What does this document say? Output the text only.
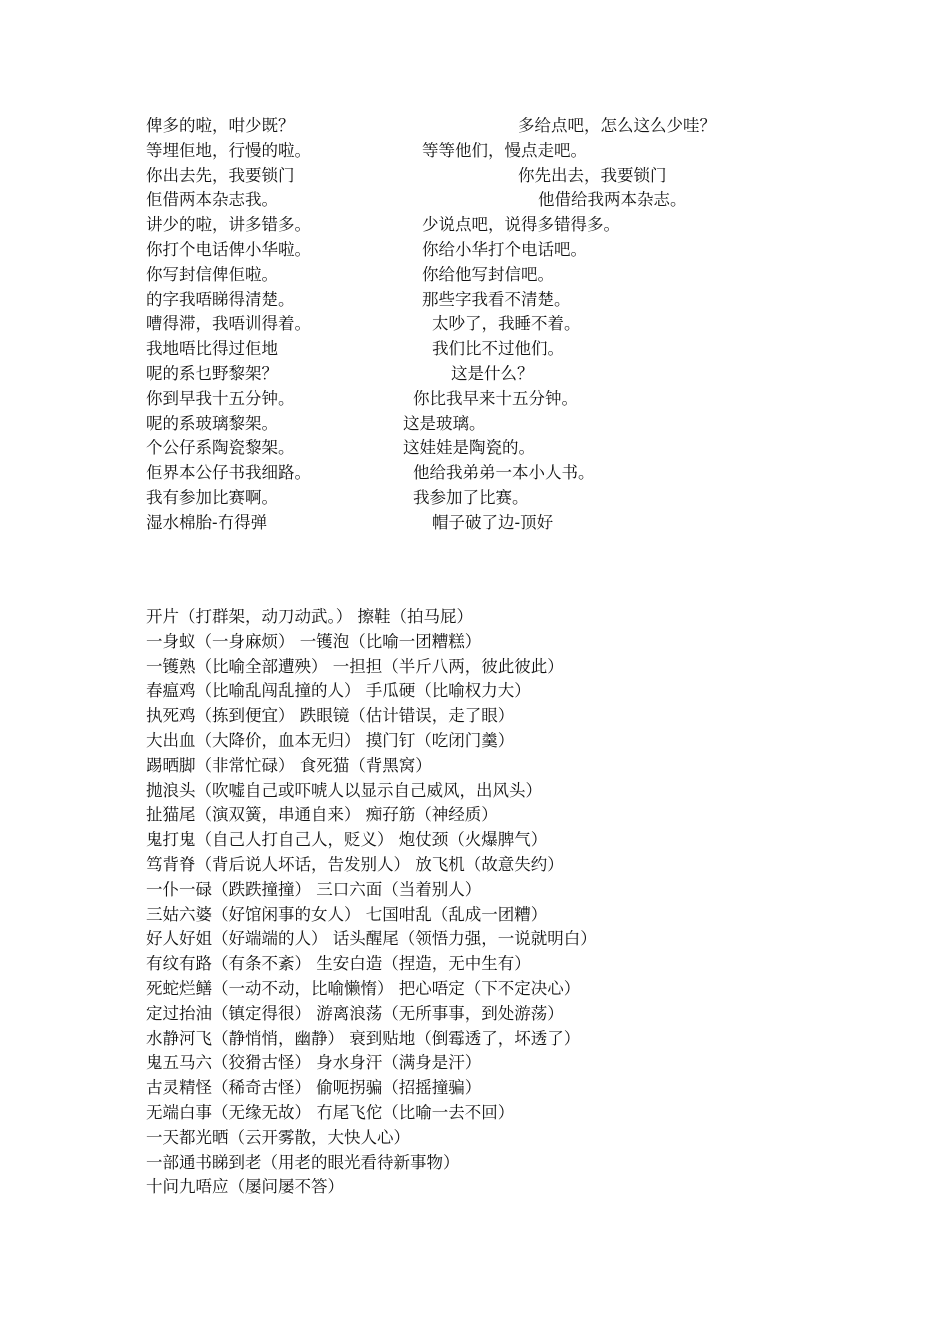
俾多的啦，咁少既？	多给点吧，怎么这么少哇？
等埋佢地，行慢的啦。	等等他们，慢点走吧。
你出去先，我要锁门	你先出去，我要锁门
佢借两本杂志我。	他借给我两本杂志。
讲少的啦，讲多错多。	少说点吧，说得多错得多。
你打个电话俾小华啦。	你给小华打个电话吧。
你写封信俾佢啦。	你给他写封信吧。
的字我唔睇得清楚。	那些字我看不清楚。
嘈得滞，我唔训得着。	太吵了，我睡不着。
我地唔比得过佢地	我们比不过他们。
呢的系乜野黎架？	这是什么？
你到早我十五分钟。	你比我早来十五分钟。
呢的系玻璃黎架。	这是玻璃。
个公仔系陶瓷黎架。	这娃娃是陶瓷的。
佢界本公仔书我细路。	他给我弟弟一本小人书。
我有参加比赛啊。	我参加了比赛。
湿水棉胎-冇得弹	帽子破了边-顶好
开片（打群架，动刀动武。） 擦鞋（拍马屁）
一身蚁（一身麻烦） 一镬泡（比喻一团糟糕）
一镬熟（比喻全部遭殃） 一担担（半斤八两，彼此彼此）
春瘟鸡（比喻乱闯乱撞的人） 手瓜硬（比喻权力大）
执死鸡（拣到便宜） 跌眼镜（估计错误，走了眼）
大出血（大降价，血本无归） 摸门钉（吃闭门羹）
踢晒脚（非常忙碌） 食死猫（背黑窝）
抛浪头（吹嘘自己或吓唬人以显示自己威风，出风头）
扯猫尾（演双簧，串通自来） 痴孖筋（神经质）
鬼打鬼（自己人打自己人，贬义） 炮仗颈（火爆脾气）
笃背脊（背后说人坏话，告发别人） 放飞机（故意失约）
一仆一碌（跌跌撞撞） 三口六面（当着别人）
三姑六婆（好馆闲事的女人） 七国咁乱（乱成一团糟）
好人好姐（好端端的人） 话头醒尾（领悟力强，一说就明白）
有纹有路（有条不紊） 生安白造（捏造，无中生有）
死蛇烂鳝（一动不动，比喻懒惰） 把心唔定（下不定决心）
定过抬油（镇定得很） 游离浪荡（无所事事，到处游荡）
水静河飞（静悄悄，幽静） 衰到贴地（倒霉透了，坏透了）
鬼五马六（狡猾古怪） 身水身汗（满身是汗）
古灵精怪（稀奇古怪） 偷呃拐骗（招摇撞骗）
无端白事（无缘无故） 冇尾飞佗（比喻一去不回）
一天都光晒（云开雾散，大快人心）
一部通书睇到老（用老的眼光看待新事物）
十问九唔应（屡问屡不答）
